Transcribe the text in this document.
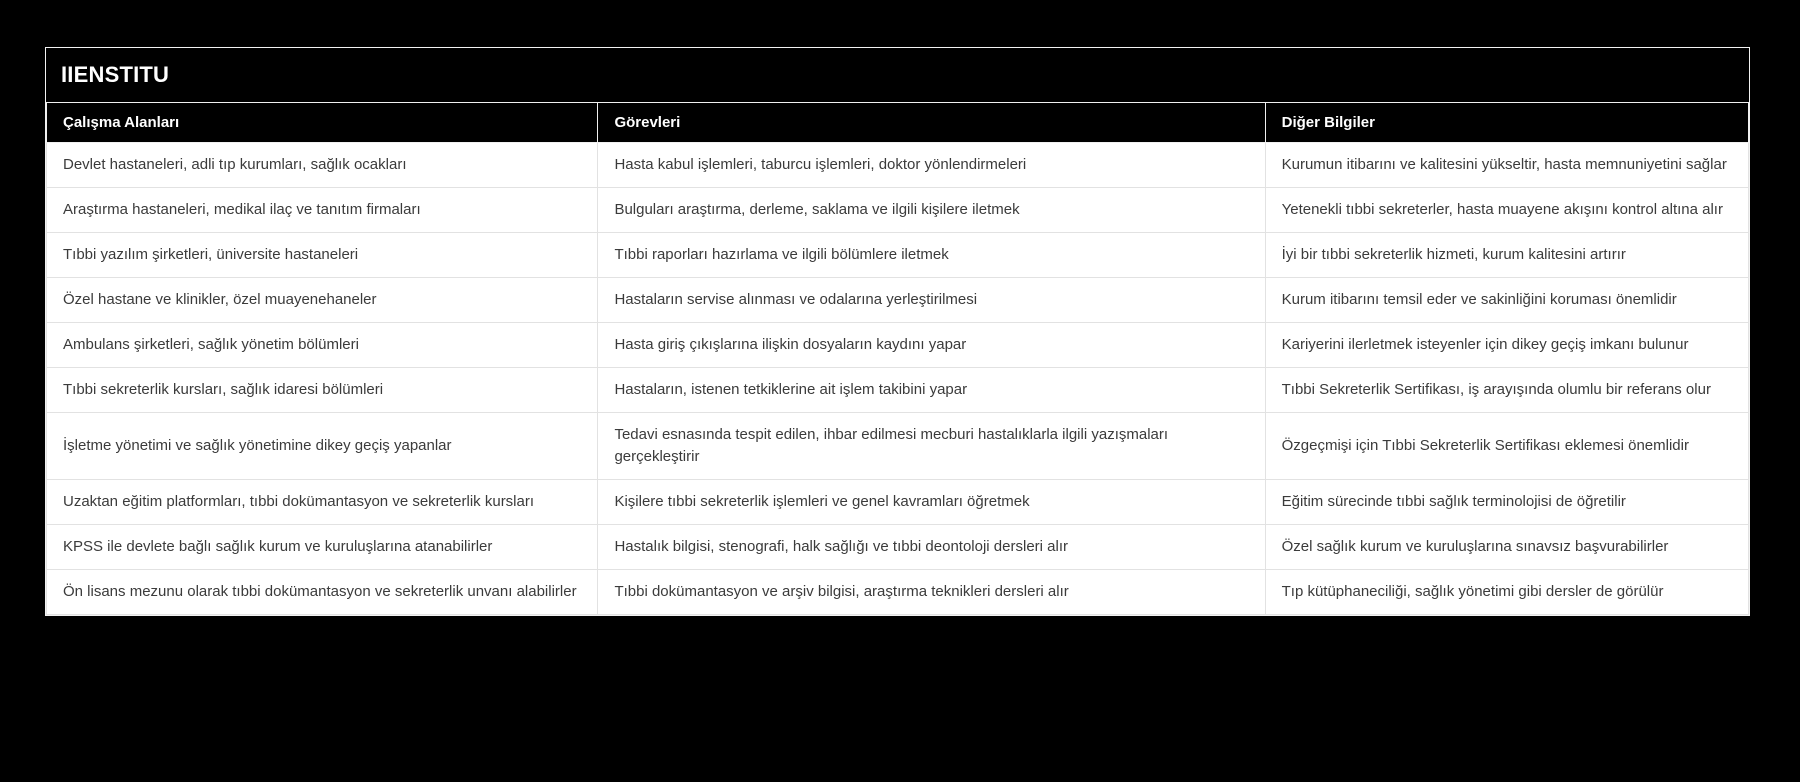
IIENSTITU
Çalışma Alanları	Görevleri	Diğer Bilgiler
Devlet hastaneleri, adli tıp kurumları, sağlık ocakları	Hasta kabul işlemleri, taburcu işlemleri, doktor yönlendirmeleri	Kurumun itibarını ve kalitesini yükseltir, hasta memnuniyetini sağlar
Araştırma hastaneleri, medikal ilaç ve tanıtım firmaları	Bulguları araştırma, derleme, saklama ve ilgili kişilere iletmek	Yetenekli tıbbi sekreterler, hasta muayene akışını kontrol altına alır
Tıbbi yazılım şirketleri, üniversite hastaneleri	Tıbbi raporları hazırlama ve ilgili bölümlere iletmek	İyi bir tıbbi sekreterlik hizmeti, kurum kalitesini artırır
Özel hastane ve klinikler, özel muayenehaneler	Hastaların servise alınması ve odalarına yerleştirilmesi	Kurum itibarını temsil eder ve sakinliğini koruması önemlidir
Ambulans şirketleri, sağlık yönetim bölümleri	Hasta giriş çıkışlarına ilişkin dosyaların kaydını yapar	Kariyerini ilerletmek isteyenler için dikey geçiş imkanı bulunur
Tıbbi sekreterlik kursları, sağlık idaresi bölümleri	Hastaların, istenen tetkiklerine ait işlem takibini yapar	Tıbbi Sekreterlik Sertifikası, iş arayışında olumlu bir referans olur
İşletme yönetimi ve sağlık yönetimine dikey geçiş yapanlar	Tedavi esnasında tespit edilen, ihbar edilmesi mecburi hastalıklarla ilgili yazışmaları gerçekleştirir	Özgeçmişi için Tıbbi Sekreterlik Sertifikası eklemesi önemlidir
Uzaktan eğitim platformları, tıbbi dokümantasyon ve sekreterlik kursları	Kişilere tıbbi sekreterlik işlemleri ve genel kavramları öğretmek	Eğitim sürecinde tıbbi sağlık terminolojisi de öğretilir
KPSS ile devlete bağlı sağlık kurum ve kuruluşlarına atanabilirler	Hastalık bilgisi, stenografi, halk sağlığı ve tıbbi deontoloji dersleri alır	Özel sağlık kurum ve kuruluşlarına sınavsız başvurabilirler
Ön lisans mezunu olarak tıbbi dokümantasyon ve sekreterlik unvanı alabilirler	Tıbbi dokümantasyon ve arşiv bilgisi, araştırma teknikleri dersleri alır	Tıp kütüphaneciliği, sağlık yönetimi gibi dersler de görülür
